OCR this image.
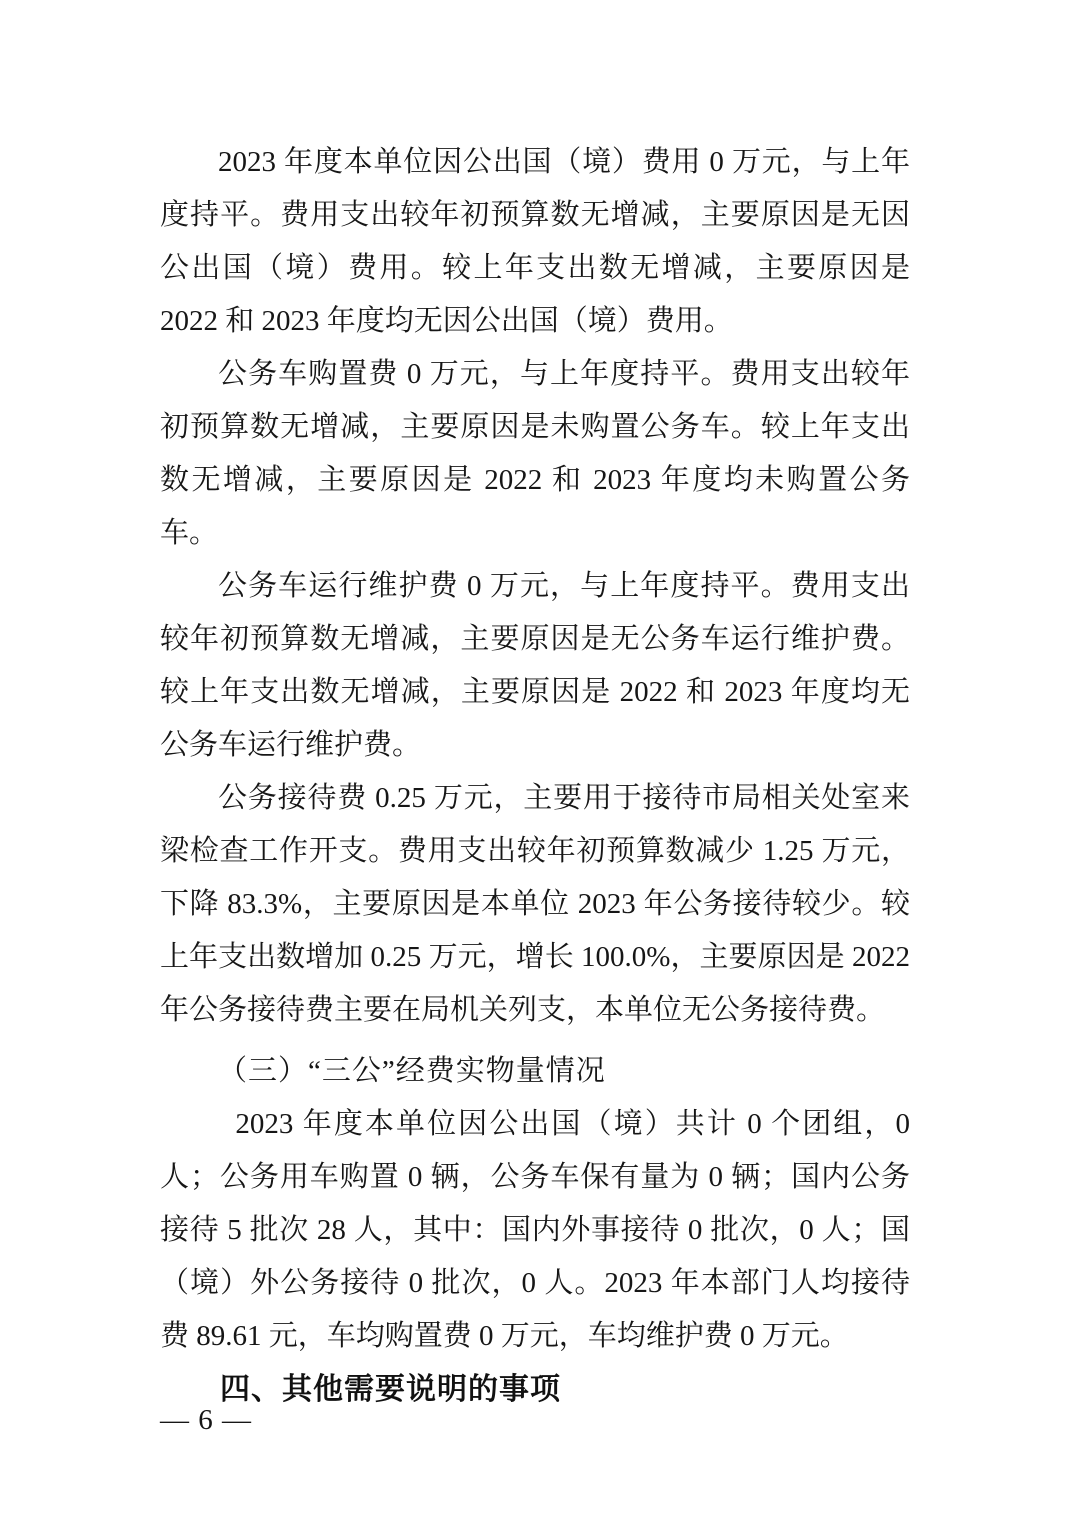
2023 年度本单位因公出国（境）费用 0 万元，与上年度持平。费用支出较年初预算数无增减，主要原因是无因公出国（境）费用。较上年支出数无增减，主要原因是 2022 和 2023 年度均无因公出国（境）费用。

公务车购置费 0 万元，与上年度持平。费用支出较年初预算数无增减，主要原因是未购置公务车。较上年支出数无增减，主要原因是 2022 和 2023 年度均未购置公务车。

公务车运行维护费 0 万元，与上年度持平。费用支出较年初预算数无增减，主要原因是无公务车运行维护费。较上年支出数无增减，主要原因是 2022 和 2023 年度均无公务车运行维护费。

公务接待费 0.25 万元，主要用于接待市局相关处室来梁检查工作开支。费用支出较年初预算数减少 1.25 万元，下降 83.3%，主要原因是本单位 2023 年公务接待较少。较上年支出数增加 0.25 万元，增长 100.0%，主要原因是 2022 年公务接待费主要在局机关列支，本单位无公务接待费。

（三）“三公”经费实物量情况

2023 年度本单位因公出国（境）共计 0 个团组，0 人；公务用车购置 0 辆，公务车保有量为 0 辆；国内公务接待 5 批次 28 人，其中：国内外事接待 0 批次，0 人；国（境）外公务接待 0 批次，0 人。2023 年本部门人均接待费 89.61 元，车均购置费 0 万元，车均维护费 0 万元。

四、其他需要说明的事项
— 6 —
